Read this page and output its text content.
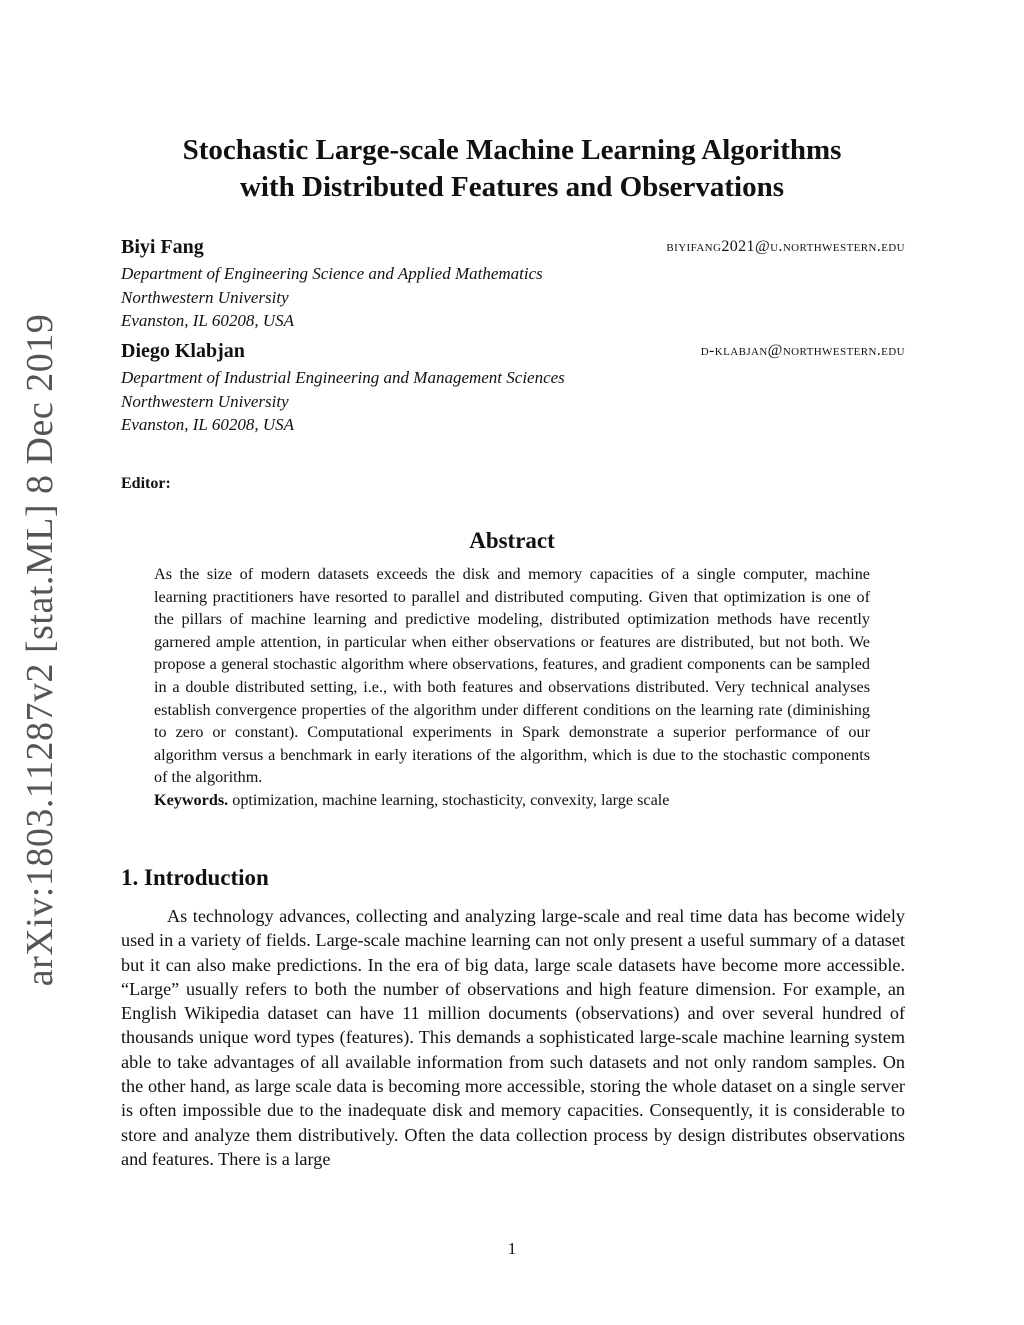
arXiv:1803.11287v2 [stat.ML] 8 Dec 2019
Stochastic Large-scale Machine Learning Algorithms
with Distributed Features and Observations
Biyi Fang	biyifang2021@u.northwestern.edu
Department of Engineering Science and Applied Mathematics
Northwestern University
Evanston, IL 60208, USA
Diego Klabjan	d-klabjan@northwestern.edu
Department of Industrial Engineering and Management Sciences
Northwestern University
Evanston, IL 60208, USA
Editor:
Abstract
As the size of modern datasets exceeds the disk and memory capacities of a single computer, machine learning practitioners have resorted to parallel and distributed computing. Given that optimization is one of the pillars of machine learning and predictive modeling, distributed optimization methods have recently garnered ample attention, in particular when either observations or features are distributed, but not both. We propose a general stochastic algorithm where observations, features, and gradient components can be sampled in a double distributed setting, i.e., with both features and observations distributed. Very technical analyses establish convergence properties of the algorithm under different conditions on the learning rate (diminishing to zero or constant). Computational experiments in Spark demonstrate a superior performance of our algorithm versus a benchmark in early iterations of the algorithm, which is due to the stochastic components of the algorithm.
Keywords. optimization, machine learning, stochasticity, convexity, large scale
1. Introduction
As technology advances, collecting and analyzing large-scale and real time data has become widely used in a variety of fields. Large-scale machine learning can not only present a useful summary of a dataset but it can also make predictions. In the era of big data, large scale datasets have become more accessible. “Large” usually refers to both the number of observations and high feature dimension. For example, an English Wikipedia dataset can have 11 million documents (observations) and over several hundred of thousands unique word types (features). This demands a sophisticated large-scale machine learning system able to take advantages of all available information from such datasets and not only random samples. On the other hand, as large scale data is becoming more accessible, storing the whole dataset on a single server is often impossible due to the inadequate disk and memory capacities. Consequently, it is considerable to store and analyze them distributively. Often the data collection process by design distributes observations and features. There is a large
1
